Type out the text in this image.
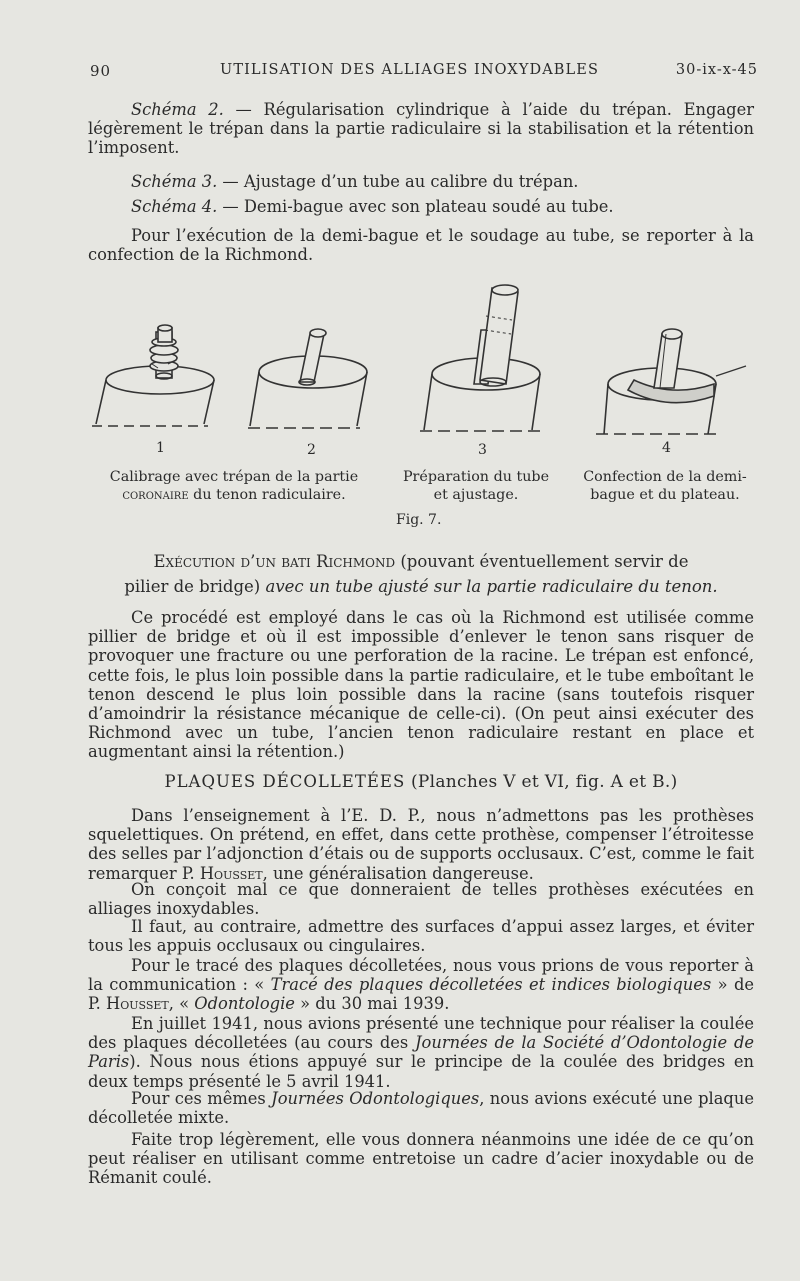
90	UTILISATION DES ALLIAGES INOXYDABLES	30-ix-x-45
Schéma 2. — Régularisation cylindrique à l’aide du trépan. Engager légèrement le trépan dans la partie radiculaire si la stabilisation et la rétention l’imposent.
Schéma 3. — Ajustage d’un tube au calibre du trépan.
Schéma 4. — Demi-bague avec son plateau soudé au tube.
Pour l’exécution de la demi-bague et le soudage au tube, se reporter à la confection de la Richmond.
1	2	3	4
Calibrage avec trépan de la partie
coronaire du tenon radiculaire.
Préparation du tube
et ajustage.
Confection de la demi-
bague et du plateau.
Fig. 7.
Exécution d’un bati Richmond (pouvant éventuellement servir de
pilier de bridge) avec un tube ajusté sur la partie radiculaire du tenon.
Ce procédé est employé dans le cas où la Richmond est utilisée comme pillier de bridge et où il est impossible d’enlever le tenon sans risquer de provoquer une fracture ou une perforation de la racine. Le trépan est enfoncé, cette fois, le plus loin possible dans la partie radiculaire, et le tube emboîtant le tenon descend le plus loin possible dans la racine (sans toutefois risquer d’amoindrir la résistance mécanique de celle-ci). (On peut ainsi exécuter des Richmond avec un tube, l’ancien tenon radiculaire restant en place et augmentant ainsi la rétention.)
PLAQUES DÉCOLLETÉES (Planches V et VI, fig. A et B.)
Dans l’enseignement à l’E. D. P., nous n’admettons pas les prothèses squelettiques. On prétend, en effet, dans cette prothèse, compenser l’étroitesse des selles par l’adjonction d’étais ou de supports occlusaux. C’est, comme le fait remarquer P. Housset, une généralisation dangereuse.
On conçoit mal ce que donneraient de telles prothèses exécutées en alliages inoxydables.
Il faut, au contraire, admettre des surfaces d’appui assez larges, et éviter tous les appuis occlusaux ou cingulaires.
Pour le tracé des plaques décolletées, nous vous prions de vous reporter à la communication : « Tracé des plaques décolletées et indices biologiques » de P. Housset, « Odontologie » du 30 mai 1939.
En juillet 1941, nous avions présenté une technique pour réaliser la coulée des plaques décolletées (au cours des Journées de la Société d’Odontologie de Paris). Nous nous étions appuyé sur le principe de la coulée des bridges en deux temps présenté le 5 avril 1941.
Pour ces mêmes Journées Odontologiques, nous avions exécuté une plaque décolletée mixte.
Faite trop légèrement, elle vous donnera néanmoins une idée de ce qu’on peut réaliser en utilisant comme entretoise un cadre d’acier inoxydable ou de Rémanit coulé.
